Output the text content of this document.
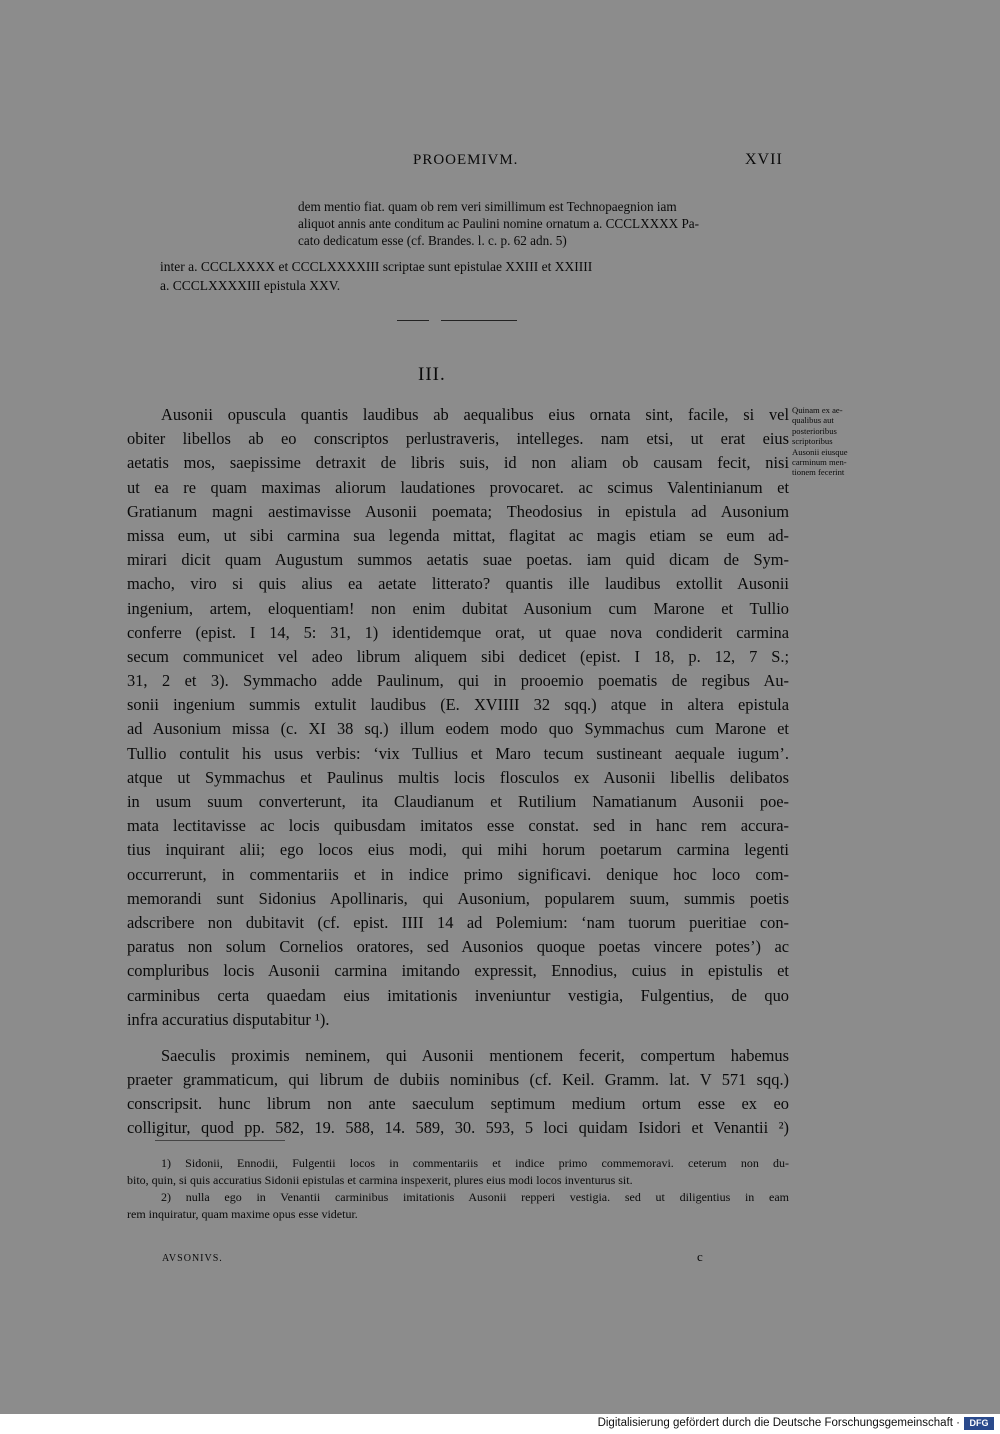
PROOEMIVM.	XVII
dem mentio fiat. quam ob rem veri simillimum est Technopaegnion iam
aliquot annis ante conditum ac Paulini nomine ornatum a. CCCLXXXX Pa-
cato dedicatum esse (cf. Brandes. l. c. p. 62 adn. 5)
inter a. CCCLXXXX et CCCLXXXXIII scriptae sunt epistulae XXIII et XXIIII
a. CCCLXXXXIII epistula XXV.
III.
Ausonii opuscula quantis laudibus ab aequalibus eius ornata sint, facile, si vel
obiter libellos ab eo conscriptos perlustraveris, intelleges. nam etsi, ut erat eius
aetatis mos, saepissime detraxit de libris suis, id non aliam ob causam fecit, nisi
ut ea re quam maximas aliorum laudationes provocaret. ac scimus Valentinianum et
Gratianum magni aestimavisse Ausonii poemata; Theodosius in epistula ad Ausonium
missa eum, ut sibi carmina sua legenda mittat, flagitat ac magis etiam se eum ad-
mirari dicit quam Augustum summos aetatis suae poetas. iam quid dicam de Sym-
macho, viro si quis alius ea aetate litterato? quantis ille laudibus extollit Ausonii
ingenium, artem, eloquentiam! non enim dubitat Ausonium cum Marone et Tullio
conferre (epist. I 14, 5: 31, 1) identidemque orat, ut quae nova condiderit carmina
secum communicet vel adeo librum aliquem sibi dedicet (epist. I 18, p. 12, 7 S.;
31, 2 et 3). Symmacho adde Paulinum, qui in prooemio poematis de regibus Au-
sonii ingenium summis extulit laudibus (E. XVIIII 32 sqq.) atque in altera epistula
ad Ausonium missa (c. XI 38 sq.) illum eodem modo quo Symmachus cum Marone et
Tullio contulit his usus verbis: ‘vix Tullius et Maro tecum sustineant aequale iugum’.
atque ut Symmachus et Paulinus multis locis flosculos ex Ausonii libellis delibatos
in usum suum converterunt, ita Claudianum et Rutilium Namatianum Ausonii poe-
mata lectitavisse ac locis quibusdam imitatos esse constat. sed in hanc rem accura-
tius inquirant alii; ego locos eius modi, qui mihi horum poetarum carmina legenti
occurrerunt, in commentariis et in indice primo significavi. denique hoc loco com-
memorandi sunt Sidonius Apollinaris, qui Ausonium, popularem suum, summis poetis
adscribere non dubitavit (cf. epist. IIII 14 ad Polemium: ‘nam tuorum pueritiae con-
paratus non solum Cornelios oratores, sed Ausonios quoque poetas vincere potes’) ac
compluribus locis Ausonii carmina imitando expressit, Ennodius, cuius in epistulis et
carminibus certa quaedam eius imitationis inveniuntur vestigia, Fulgentius, de quo
infra accuratius disputabitur ¹).
Saeculis proximis neminem, qui Ausonii mentionem fecerit, compertum habemus
praeter grammaticum, qui librum de dubiis nominibus (cf. Keil. Gramm. lat. V 571 sqq.)
conscripsit. hunc librum non ante saeculum septimum medium ortum esse ex eo
colligitur, quod pp. 582, 19. 588, 14. 589, 30. 593, 5 loci quidam Isidori et Venantii ²)
Quinam ex ae-
qualibus aut
posterioribus
scriptoribus
Ausonii eiusque
carminum men-
tionem fecerint
1) Sidonii, Ennodii, Fulgentii locos in commentariis et indice primo commemoravi. ceterum non du-
bito, quin, si quis accuratius Sidonii epistulas et carmina inspexerit, plures eius modi locos inventurus sit.
2) nulla ego in Venantii carminibus imitationis Ausonii repperi vestigia. sed ut diligentius in eam
rem inquiratur, quam maxime opus esse videtur.
AVSONIVS.	c
Digitalisierung gefördert durch die Deutsche Forschungsgemeinschaft ·	DFG
